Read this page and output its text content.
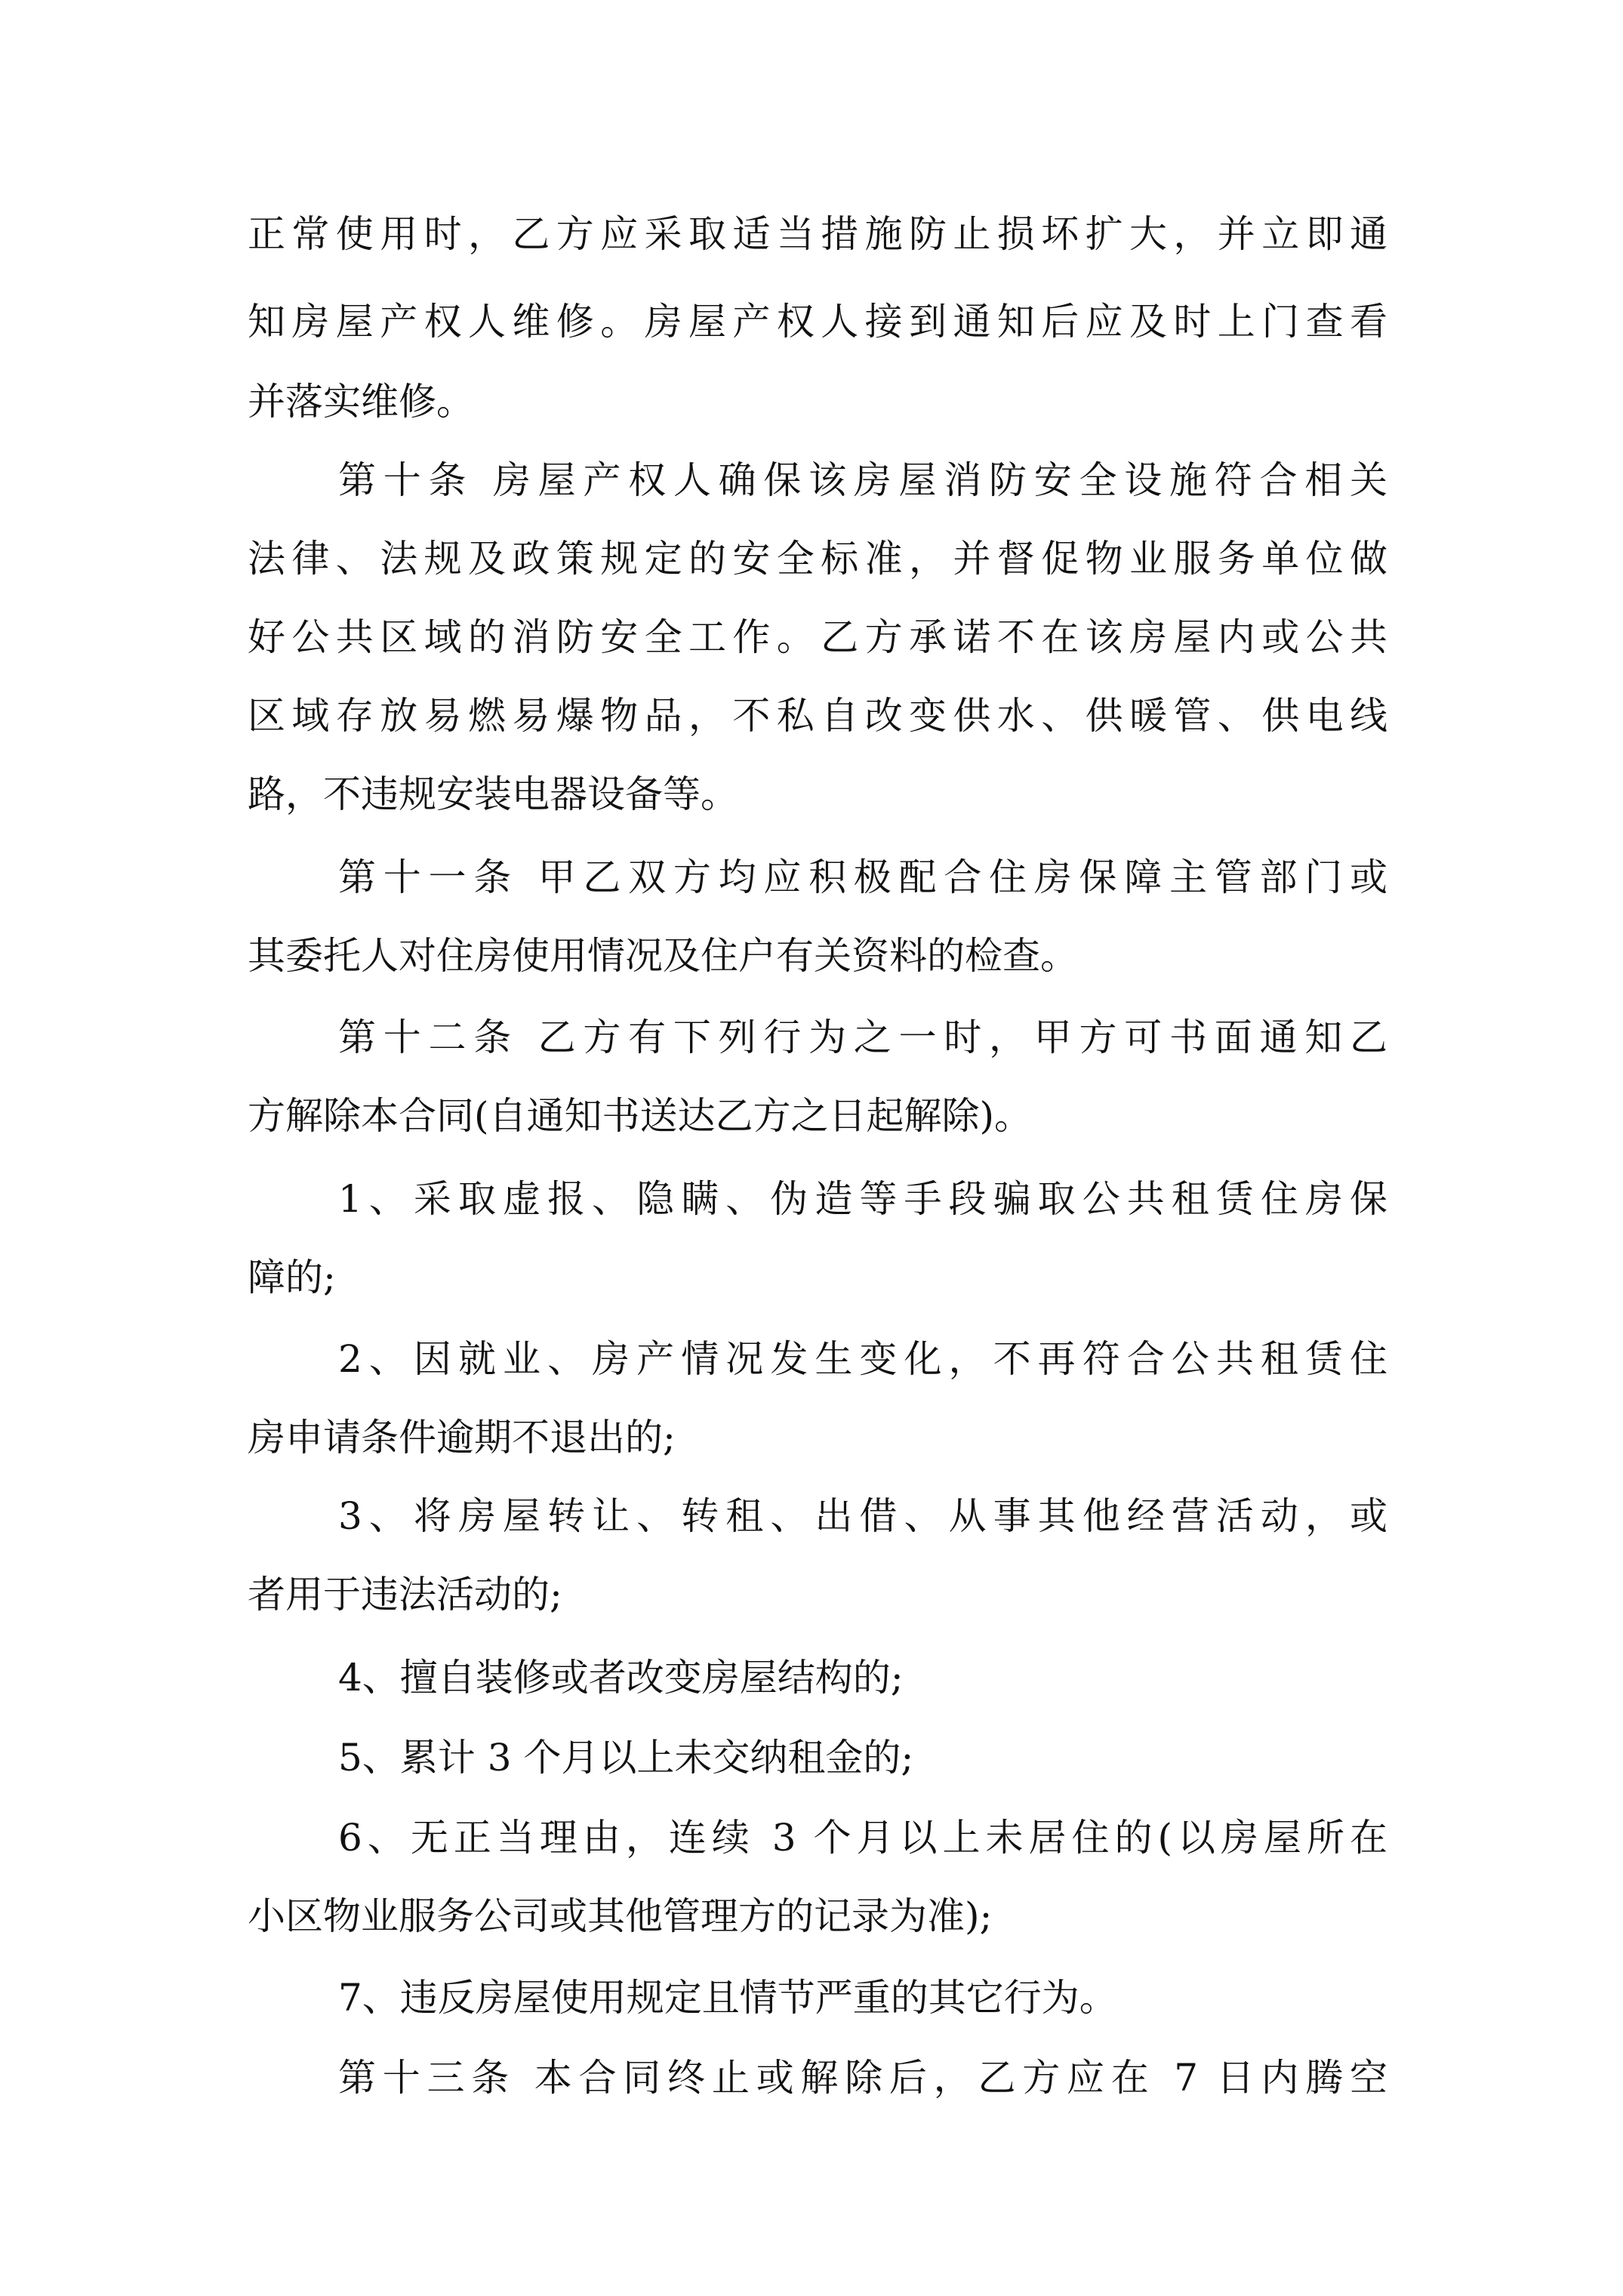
正常使用时，乙方应采取适当措施防止损坏扩大，并立即通

知房屋产权人维修。房屋产权人接到通知后应及时上门查看

并落实维修。

第十条 房屋产权人确保该房屋消防安全设施符合相关

法律、法规及政策规定的安全标准，并督促物业服务单位做

好公共区域的消防安全工作。乙方承诺不在该房屋内或公共

区域存放易燃易爆物品，不私自改变供水、供暖管、供电线

路，不违规安装电器设备等。

第十一条 甲乙双方均应积极配合住房保障主管部门或

其委托人对住房使用情况及住户有关资料的检查。

第十二条 乙方有下列行为之一时，甲方可书面通知乙

方解除本合同(自通知书送达乙方之日起解除)。

1、采取虚报、隐瞒、伪造等手段骗取公共租赁住房保

障的;

2、因就业、房产情况发生变化，不再符合公共租赁住

房申请条件逾期不退出的;

3、将房屋转让、转租、出借、从事其他经营活动，或

者用于违法活动的;

4、擅自装修或者改变房屋结构的;

5、累计 3 个月以上未交纳租金的;

6、无正当理由，连续 3 个月以上未居住的(以房屋所在

小区物业服务公司或其他管理方的记录为准);

7、违反房屋使用规定且情节严重的其它行为。

第十三条 本合同终止或解除后，乙方应在 7 日内腾空
